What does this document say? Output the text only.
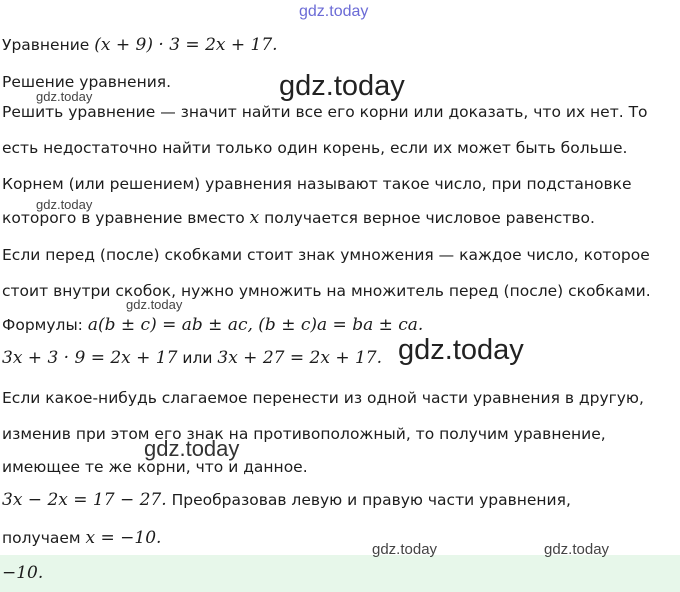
Уравнение (x + 9) · 3 = 2x + 17.
Решение уравнения.
Решить уравнение — значит найти все его корни или доказать, что их нет. То
есть недостаточно найти только один корень, если их может быть больше.
Корнем (или решением) уравнения называют такое число, при подстановке
которого в уравнение вместо x получается верное числовое равенство.
Если перед (после) скобками стоит знак умножения — каждое число, которое
стоит внутри скобок, нужно умножить на множитель перед (после) скобками.
Формулы: a(b ± c) = ab ± ac, (b ± c)a = ba ± ca.
3x + 3 · 9 = 2x + 17 или 3x + 27 = 2x + 17.
Если какое-нибудь слагаемое перенести из одной части уравнения в другую,
изменив при этом его знак на противоположный, то получим уравнение,
имеющее те же корни, что и данное.
3x − 2x = 17 − 27. Преобразовав левую и правую части уравнения,
получаем x = −10.
−10.
gdz.today
gdz.today
gdz.today
gdz.today
gdz.today
gdz.today
gdz.today
gdz.today	gdz.today
